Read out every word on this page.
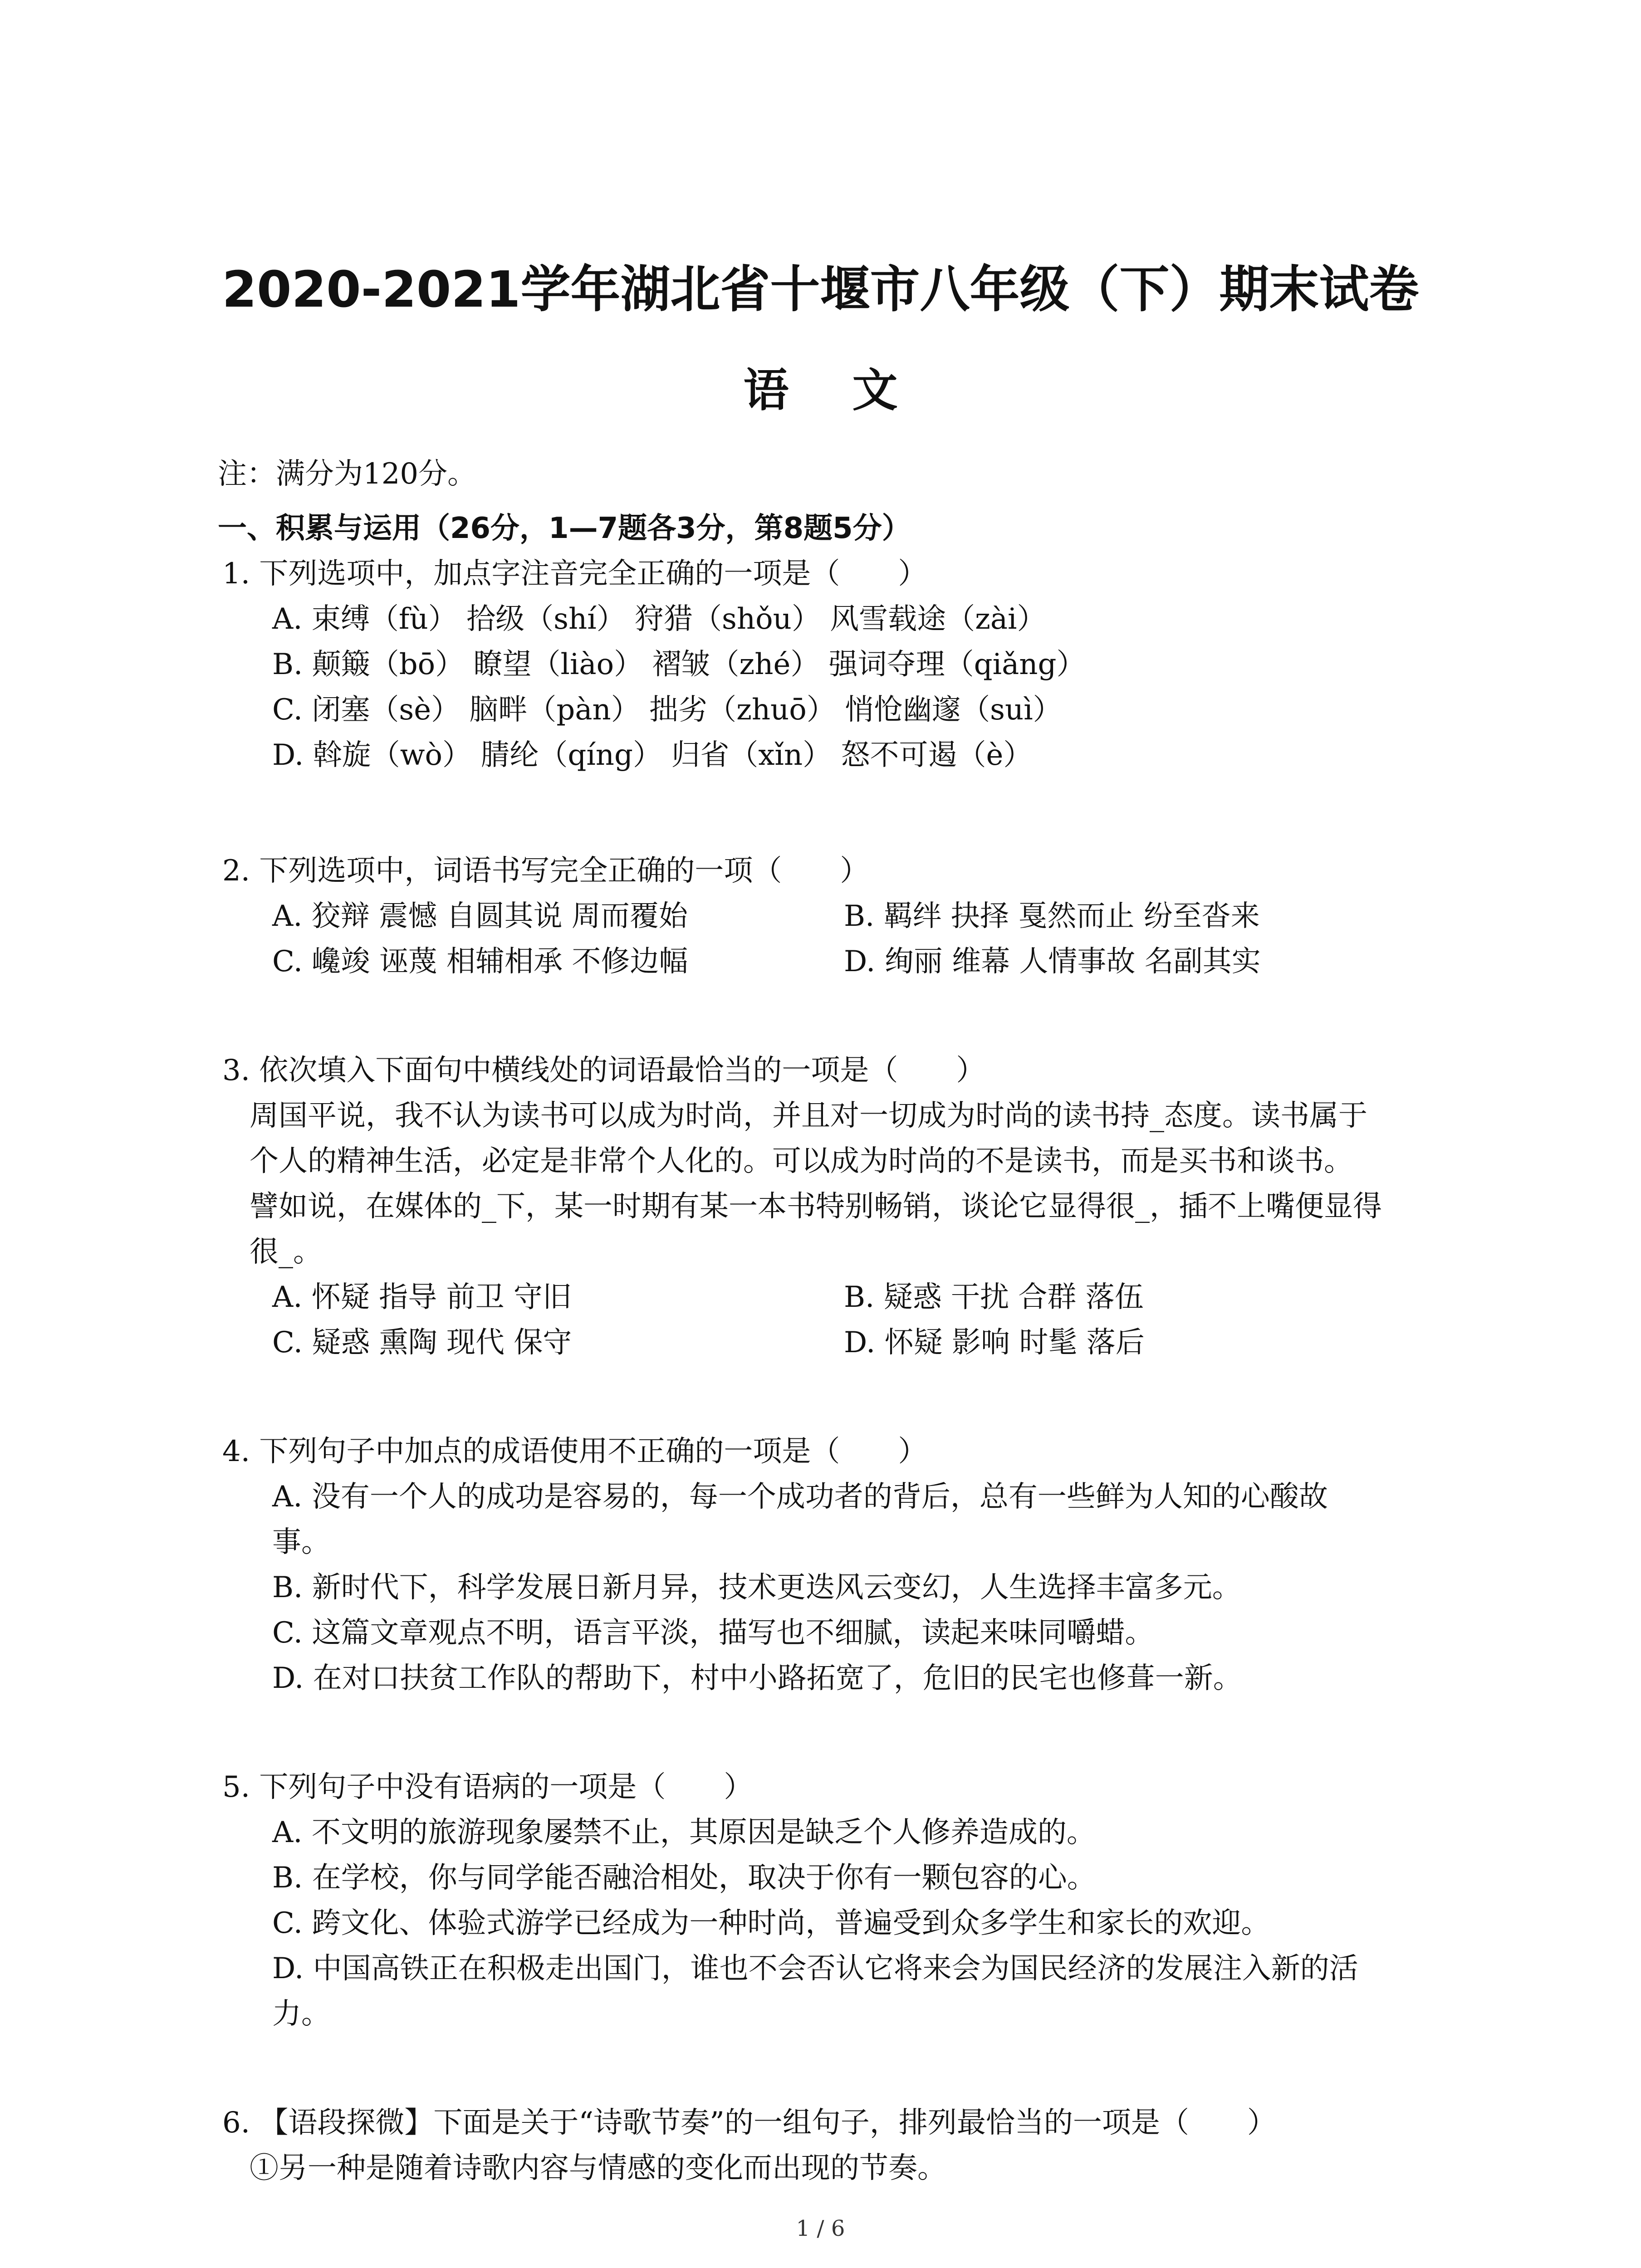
2020-2021学年湖北省十堰市八年级（下）期末试卷
语文
注：满分为120分。
一、积累与运用（26分，1—7题各3分，第8题5分）
1. 下列选项中，加点字注音完全正确的一项是（　　）
A. 束缚（fù） 拾级（shí） 狩猎（shǒu） 风雪载途（zài）
B. 颠簸（bō） 瞭望（liào） 褶皱（zhé） 强词夺理（qiǎng）
C. 闭塞（sè） 脑畔（pàn） 拙劣（zhuō） 悄怆幽邃（suì）
D. 斡旋（wò） 腈纶（qíng） 归省（xǐn） 怒不可遏（è）
2. 下列选项中，词语书写完全正确的一项（　　）
A. 狡辩 震憾 自圆其说 周而覆始	B. 羁绊 抉择 戛然而止 纷至沓来
C. 巉竣 诬蔑 相辅相承 不修边幅	D. 绚丽 维幕 人情事故 名副其实
3. 依次填入下面句中横线处的词语最恰当的一项是（　　）
周国平说，我不认为读书可以成为时尚，并且对一切成为时尚的读书持_态度。读书属于
个人的精神生活，必定是非常个人化的。可以成为时尚的不是读书，而是买书和谈书。
譬如说，在媒体的_下，某一时期有某一本书特别畅销，谈论它显得很_，插不上嘴便显得
很_。
A. 怀疑 指导 前卫 守旧	B. 疑惑 干扰 合群 落伍
C. 疑惑 熏陶 现代 保守	D. 怀疑 影响 时髦 落后
4. 下列句子中加点的成语使用不正确的一项是（　　）
A. 没有一个人的成功是容易的，每一个成功者的背后，总有一些鲜为人知的心酸故
事。
B. 新时代下，科学发展日新月异，技术更迭风云变幻，人生选择丰富多元。
C. 这篇文章观点不明，语言平淡，描写也不细腻，读起来味同嚼蜡。
D. 在对口扶贫工作队的帮助下，村中小路拓宽了，危旧的民宅也修葺一新。
5. 下列句子中没有语病的一项是（　　）
A. 不文明的旅游现象屡禁不止，其原因是缺乏个人修养造成的。
B. 在学校，你与同学能否融洽相处，取决于你有一颗包容的心。
C. 跨文化、体验式游学已经成为一种时尚，普遍受到众多学生和家长的欢迎。
D. 中国高铁正在积极走出国门，谁也不会否认它将来会为国民经济的发展注入新的活
力。
6. 【语段探微】下面是关于“诗歌节奏”的一组句子，排列最恰当的一项是（　　）
①另一种是随着诗歌内容与情感的变化而出现的节奏。
1 / 6
